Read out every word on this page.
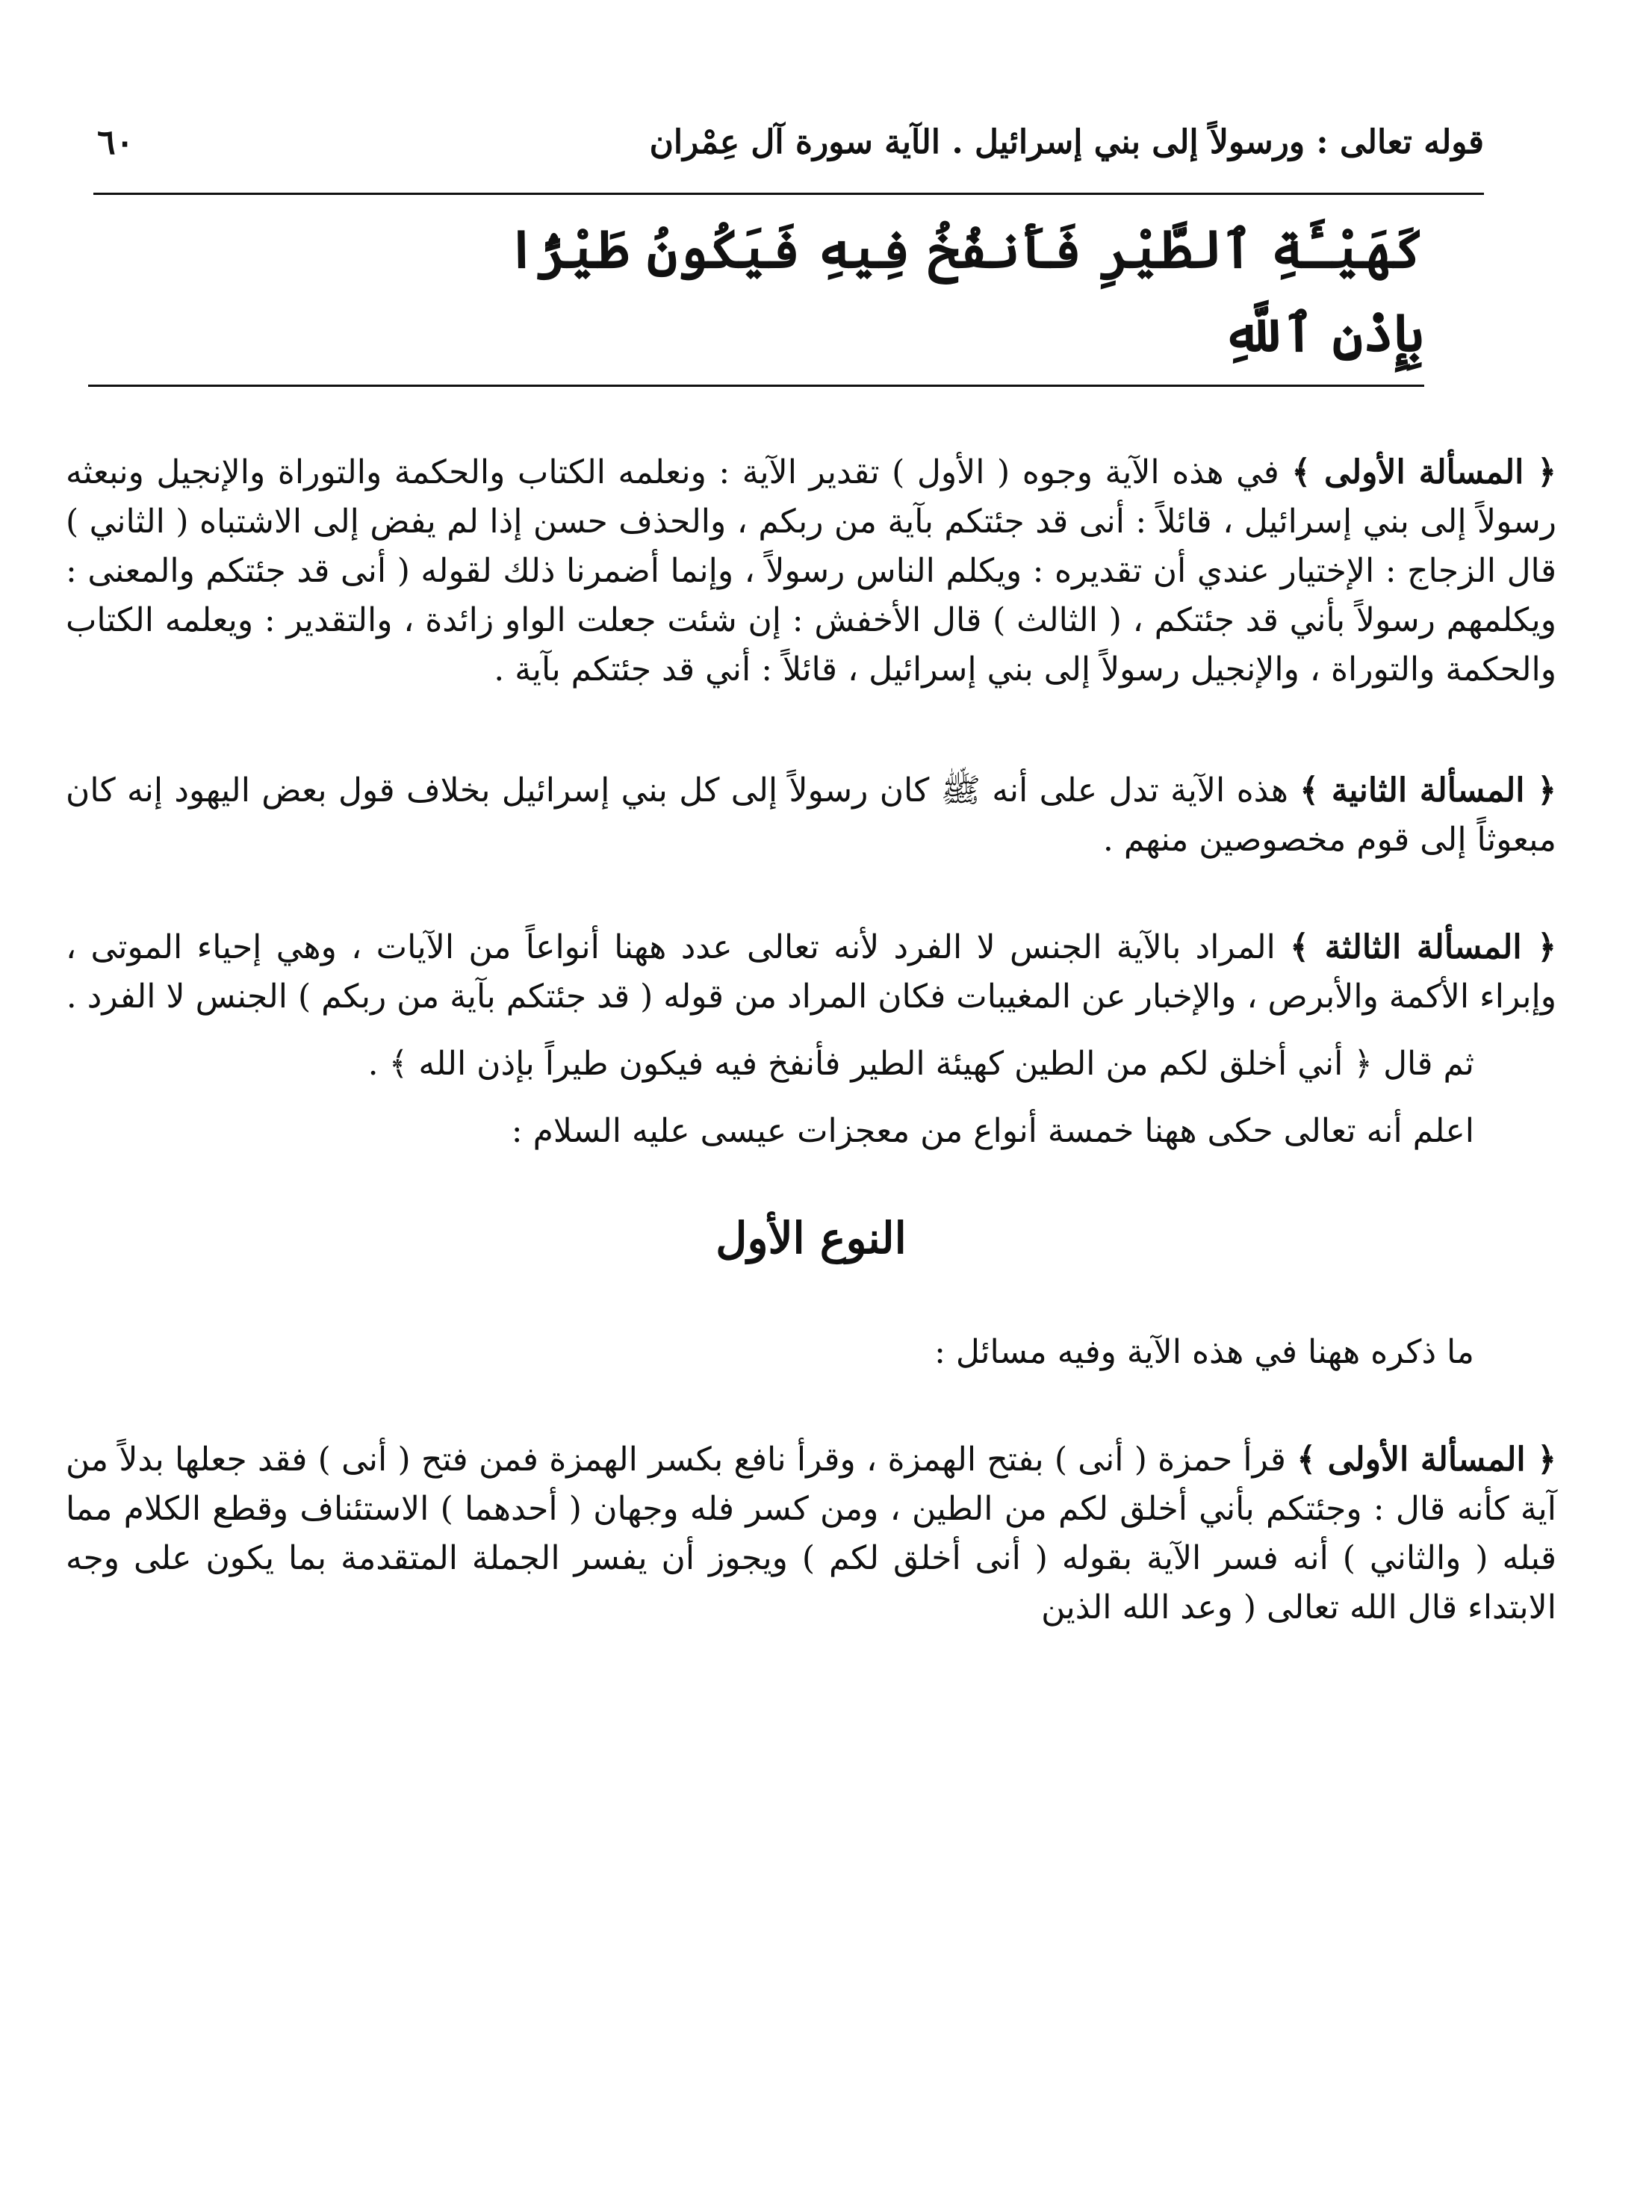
قوله تعالى : ورسولاً إلى بني إسرائيل . الآية سورة آل عِمْران
٦٠
كَهَيْـَٔةِ ٱلطَّيْرِ فَأَنفُخُ فِيهِ فَيَكُونُ طَيْرًۢا بِإِذْنِ ٱللَّهِ

﴿ المسألة الأولى ﴾ في هذه الآية وجوه ( الأول ) تقدير الآية : ونعلمه الكتاب والحكمة والتوراة والإنجيل ونبعثه رسولاً إلى بني إسرائيل ، قائلاً : أنى قد جئتكم بآية من ربكم ، والحذف حسن إذا لم يفض إلى الاشتباه ( الثاني ) قال الزجاج : الإختيار عندي أن تقديره : ويكلم الناس رسولاً ، وإنما أضمرنا ذلك لقوله ( أنى قد جئتكم والمعنى : ويكلمهم رسولاً بأني قد جئتكم ، ( الثالث ) قال الأخفش : إن شئت جعلت الواو زائدة ، والتقدير : ويعلمه الكتاب والحكمة والتوراة ، والإنجيل رسولاً إلى بني إسرائيل ، قائلاً : أني قد جئتكم بآية .

﴿ المسألة الثانية ﴾ هذه الآية تدل على أنه ﷺ كان رسولاً إلى كل بني إسرائيل بخلاف قول بعض اليهود إنه كان مبعوثاً إلى قوم مخصوصين منهم .

﴿ المسألة الثالثة ﴾ المراد بالآية الجنس لا الفرد لأنه تعالى عدد ههنا أنواعاً من الآيات ، وهي إحياء الموتى ، وإبراء الأكمة والأبرص ، والإخبار عن المغيبات فكان المراد من قوله ( قد جئتكم بآية من ربكم ) الجنس لا الفرد .

ثم قال ﴿ أني أخلق لكم من الطين كهيئة الطير فأنفخ فيه فيكون طيراً بإذن الله ﴾ .

اعلم أنه تعالى حكى ههنا خمسة أنواع من معجزات عيسى عليه السلام :

النوع الأول

ما ذكره ههنا في هذه الآية وفيه مسائل :

﴿ المسألة الأولى ﴾ قرأ حمزة ( أنى ) بفتح الهمزة ، وقرأ نافع بكسر الهمزة فمن فتح ( أنى ) فقد جعلها بدلاً من آية كأنه قال : وجئتكم بأني أخلق لكم من الطين ، ومن كسر فله وجهان ( أحدهما ) الاستئناف وقطع الكلام مما قبله ( والثاني ) أنه فسر الآية بقوله ( أنى أخلق لكم ) ويجوز أن يفسر الجملة المتقدمة بما يكون على وجه الابتداء قال الله تعالى ( وعد الله الذين
